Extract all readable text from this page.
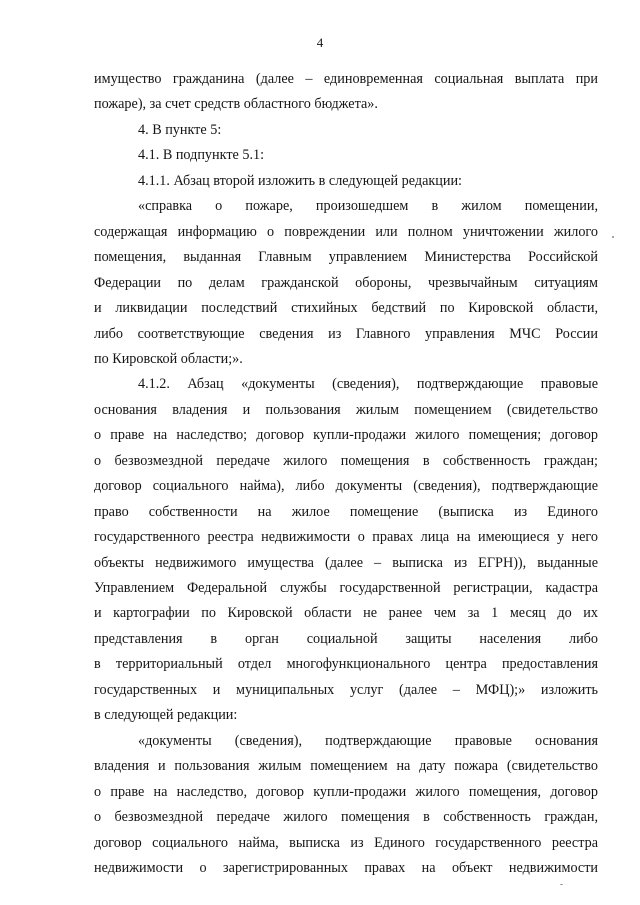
4
имущество гражданина (далее – единовременная социальная выплата при
пожаре), за счет средств областного бюджета».
4. В пункте 5:
4.1. В подпункте 5.1:
4.1.1. Абзац второй изложить в следующей редакции:
«справка о пожаре, произошедшем в жилом помещении,
содержащая информацию о повреждении или полном уничтожении жилого
помещения, выданная Главным управлением Министерства Российской
Федерации по делам гражданской обороны, чрезвычайным ситуациям
и ликвидации последствий стихийных бедствий по Кировской области,
либо соответствующие сведения из Главного управления МЧС России
по Кировской области;».
4.1.2. Абзац «документы (сведения), подтверждающие правовые
основания владения и пользования жилым помещением (свидетельство
о праве на наследство; договор купли-продажи жилого помещения; договор
о безвозмездной передаче жилого помещения в собственность граждан;
договор социального найма), либо документы (сведения), подтверждающие
право собственности на жилое помещение (выписка из Единого
государственного реестра недвижимости о правах лица на имеющиеся у него
объекты недвижимого имущества (далее – выписка из ЕГРН)), выданные
Управлением Федеральной службы государственной регистрации, кадастра
и картографии по Кировской области не ранее чем за 1 месяц до их
представления в орган социальной защиты населения либо
в территориальный отдел многофункционального центра предоставления
государственных и муниципальных услуг (далее – МФЦ);» изложить
в следующей редакции:
«документы (сведения), подтверждающие правовые основания
владения и пользования жилым помещением на дату пожара (свидетельство
о праве на наследство, договор купли-продажи жилого помещения, договор
о безвозмездной передаче жилого помещения в собственность граждан,
договор социального найма, выписка из Единого государственного реестра
недвижимости о зарегистрированных правах на объект недвижимости
